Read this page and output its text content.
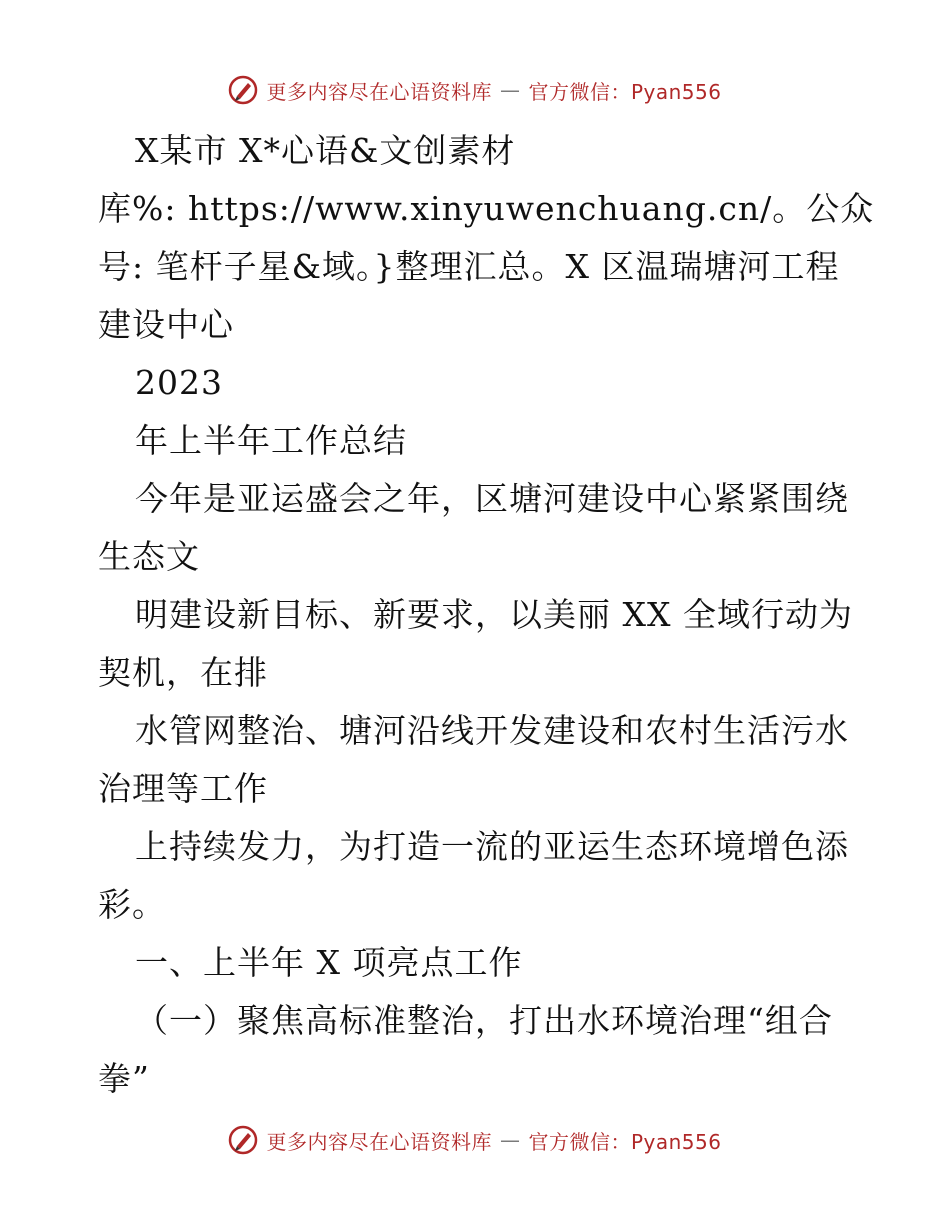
更多内容尽在心语资料库 — 官方微信：Pyan556
X某市 X*心语&文创素材
库%: https://www.xinyuwenchuang.cn/。公众
号: 笔杆子星&域。}整理汇总。X 区温瑞塘河工程
建设中心
2023
年上半年工作总结
今年是亚运盛会之年，区塘河建设中心紧紧围绕
生态文
明建设新目标、新要求，以美丽 XX 全域行动为
契机，在排
水管网整治、塘河沿线开发建设和农村生活污水
治理等工作
上持续发力，为打造一流的亚运生态环境增色添
彩。
一、上半年 X 项亮点工作
（一）聚焦高标准整治，打出水环境治理“组合
拳”
更多内容尽在心语资料库 — 官方微信：Pyan556
